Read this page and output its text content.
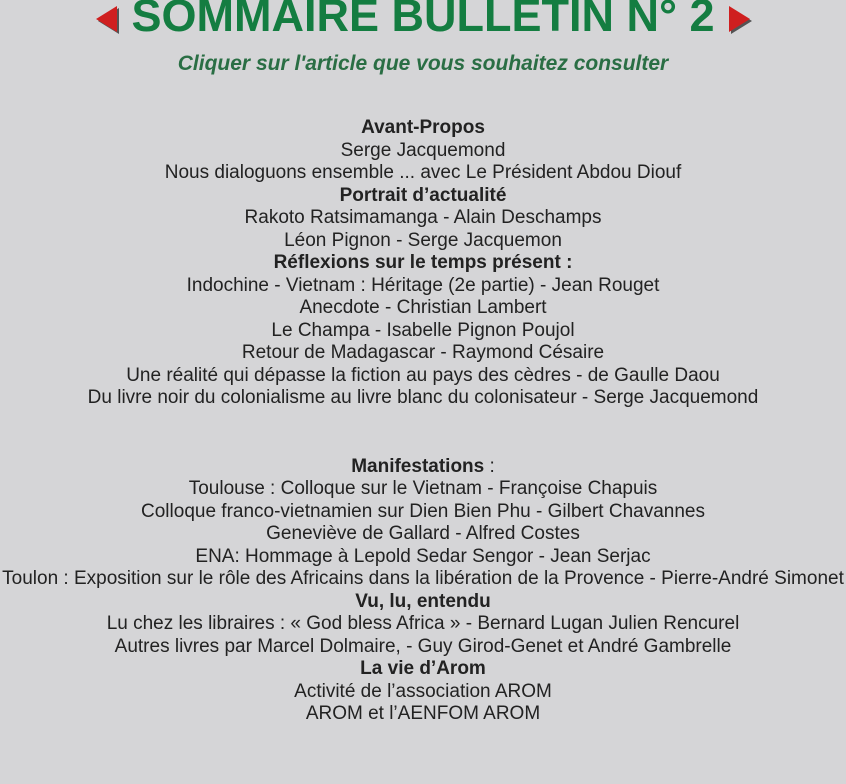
SOMMAIRE BULLETIN N° 2
Cliquer sur l'article que vous souhaitez consulter
Avant-Propos
Serge Jacquemond
Nous dialoguons ensemble ... avec Le Président Abdou Diouf
Portrait d’actualité
Rakoto Ratsimamanga - Alain Deschamps
Léon Pignon - Serge Jacquemon
Réflexions sur le temps présent :
Indochine - Vietnam : Héritage (2e partie) - Jean Rouget
Anecdote - Christian Lambert
Le Champa - Isabelle Pignon Poujol
Retour de Madagascar - Raymond Césaire
Une réalité qui dépasse la fiction au pays des cèdres - de Gaulle Daou
Du livre noir du colonialisme au livre blanc du colonisateur - Serge Jacquemond
Manifestations :
Toulouse : Colloque sur le Vietnam - Françoise Chapuis
Colloque franco-vietnamien sur Dien Bien Phu - Gilbert Chavannes
Geneviève de Gallard - Alfred Costes
ENA: Hommage à Lepold Sedar Sengor - Jean Serjac
Toulon : Exposition sur le rôle des Africains dans la libération de la Provence - Pierre-André Simonet
Vu, lu, entendu
Lu chez les libraires : « God bless Africa » - Bernard Lugan Julien Rencurel
Autres livres par Marcel Dolmaire, - Guy Girod-Genet et André Gambrelle
La vie d’Arom
Activité de l’association AROM
AROM et l’AENFOM AROM
